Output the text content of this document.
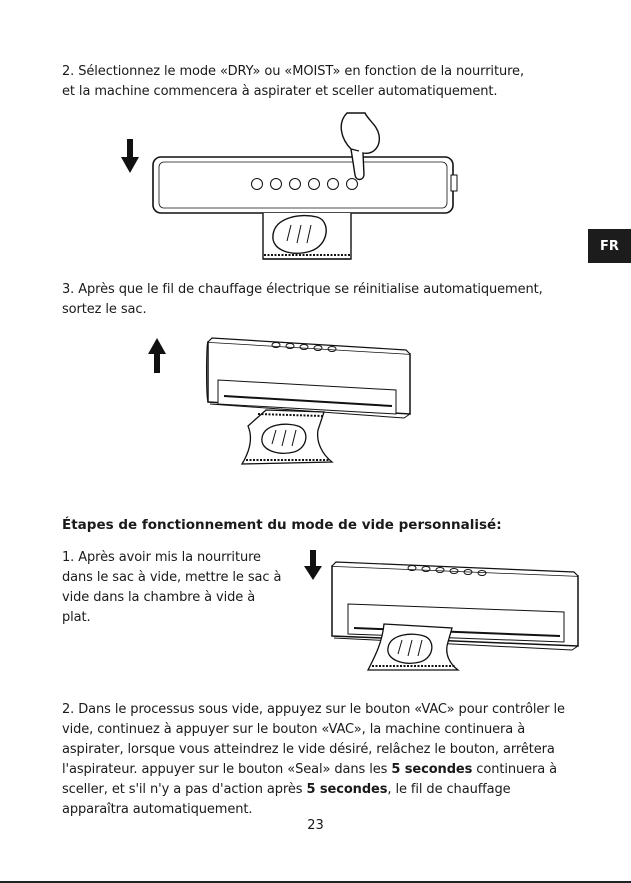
2. Sélectionnez le mode «DRY» ou «MOIST» en fonction de la nourriture, et la machine commencera à aspirater et sceller automatiquement.

FR

3. Après que le fil de chauffage électrique se réinitialise automatiquement, sortez le sac.

Étapes de fonctionnement du mode de vide personnalisé:

1. Après avoir mis la nourriture dans le sac à vide, mettre le sac à vide dans la chambre à vide à plat.

2. Dans le processus sous vide, appuyez sur le bouton «VAC» pour contrôler le vide, continuez à appuyer sur le bouton «VAC», la machine continuera à aspirater, lorsque vous atteindrez le vide désiré, relâchez le bouton, arrêtera l'aspirateur. appuyer sur le bouton «Seal» dans les 5 secondes continuera à sceller, et s'il n'y a pas d'action après 5 secondes, le fil de chauffage apparaîtra automatiquement.

23
